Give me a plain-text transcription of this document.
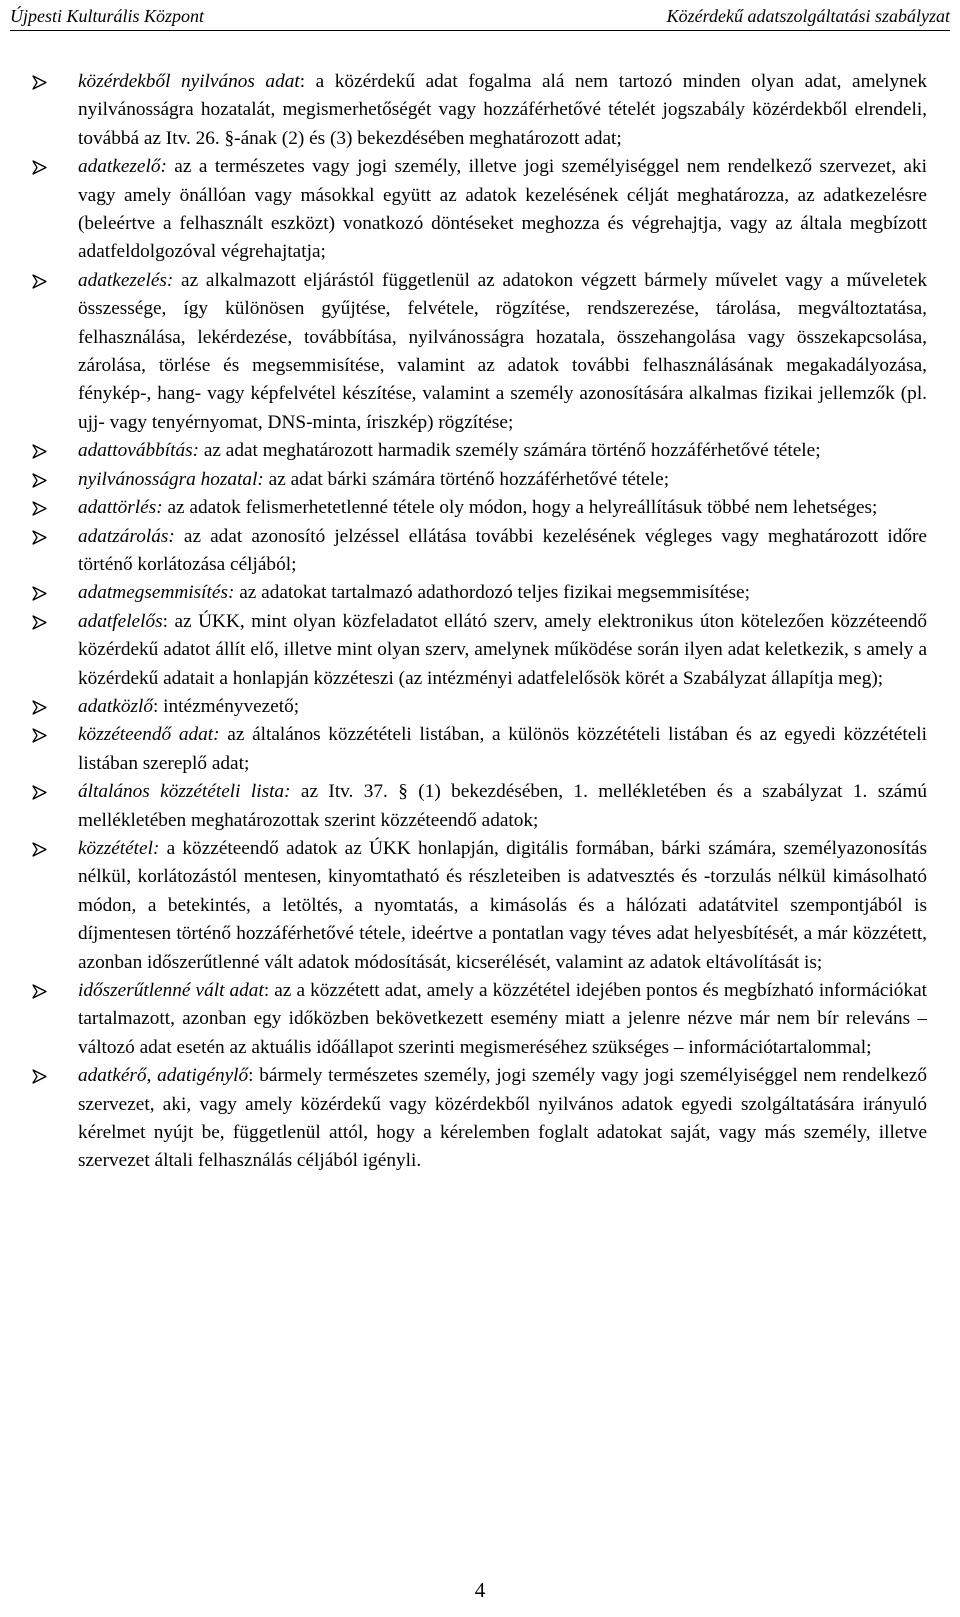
Újpesti Kulturális Központ	Közérdekű adatszolgáltatási szabályzat
közérdekből nyilvános adat: a közérdekű adat fogalma alá nem tartozó minden olyan adat, amelynek nyilvánosságra hozatalát, megismerhetőségét vagy hozzáférhetővé tételét jogszabály közérdekből elrendeli, továbbá az Itv. 26. §-ának (2) és (3) bekezdésében meghatározott adat;
adatkezelő: az a természetes vagy jogi személy, illetve jogi személyiséggel nem rendelkező szervezet, aki vagy amely önállóan vagy másokkal együtt az adatok kezelésének célját meghatározza, az adatkezelésre (beleértve a felhasznált eszközt) vonatkozó döntéseket meghozza és végrehajtja, vagy az általa megbízott adatfeldolgozóval végrehajtatja;
adatkezelés: az alkalmazott eljárástól függetlenül az adatokon végzett bármely művelet vagy a műveletek összessége, így különösen gyűjtése, felvétele, rögzítése, rendszerezése, tárolása, megváltoztatása, felhasználása, lekérdezése, továbbítása, nyilvánosságra hozatala, összehangolása vagy összekapcsolása, zárolása, törlése és megsemmisítése, valamint az adatok további felhasználásának megakadályozása, fénykép-, hang- vagy képfelvétel készítése, valamint a személy azonosítására alkalmas fizikai jellemzők (pl. ujj- vagy tenyérnyomat, DNS-minta, íriszkép) rögzítése;
adattovábbítás: az adat meghatározott harmadik személy számára történő hozzáférhetővé tétele;
nyilvánosságra hozatal: az adat bárki számára történő hozzáférhetővé tétele;
adattörlés: az adatok felismerhetetlenné tétele oly módon, hogy a helyreállításuk többé nem lehetséges;
adatzárolás: az adat azonosító jelzéssel ellátása további kezelésének végleges vagy meghatározott időre történő korlátozása céljából;
adatmegsemmisítés: az adatokat tartalmazó adathordozó teljes fizikai megsemmisítése;
adatfelelős: az ÚKK, mint olyan közfeladatot ellátó szerv, amely elektronikus úton kötelezően közzéteendő közérdekű adatot állít elő, illetve mint olyan szerv, amelynek működése során ilyen adat keletkezik, s amely a közérdekű adatait a honlapján közzéteszi (az intézményi adatfelelősök körét a Szabályzat állapítja meg);
adatközlő: intézményvezető;
közzéteendő adat: az általános közzétételi listában, a különös közzétételi listában és az egyedi közzétételi listában szereplő adat;
általános közzétételi lista: az Itv. 37. § (1) bekezdésében, 1. mellékletében és a szabályzat 1. számú mellékletében meghatározottak szerint közzéteendő adatok;
közzététel: a közzéteendő adatok az ÚKK honlapján, digitális formában, bárki számára, személyazonosítás nélkül, korlátozástól mentesen, kinyomtatható és részleteiben is adatvesztés és -torzulás nélkül kimásolható módon, a betekintés, a letöltés, a nyomtatás, a kimásolás és a hálózati adatátvitel szempontjából is díjmentesen történő hozzáférhetővé tétele, ideértve a pontatlan vagy téves adat helyesbítését, a már közzétett, azonban időszerűtlenné vált adatok módosítását, kicserélését, valamint az adatok eltávolítását is;
időszerűtlenné vált adat: az a közzétett adat, amely a közzététel idejében pontos és megbízható információkat tartalmazott, azonban egy időközben bekövetkezett esemény miatt a jelenre nézve már nem bír releváns – változó adat esetén az aktuális időállapot szerinti megismeréséhez szükséges – információtartalommal;
adatkérő, adatigénylő: bármely természetes személy, jogi személy vagy jogi személyiséggel nem rendelkező szervezet, aki, vagy amely közérdekű vagy közérdekből nyilvános adatok egyedi szolgáltatására irányuló kérelmet nyújt be, függetlenül attól, hogy a kérelemben foglalt adatokat saját, vagy más személy, illetve szervezet általi felhasználás céljából igényli.
4
